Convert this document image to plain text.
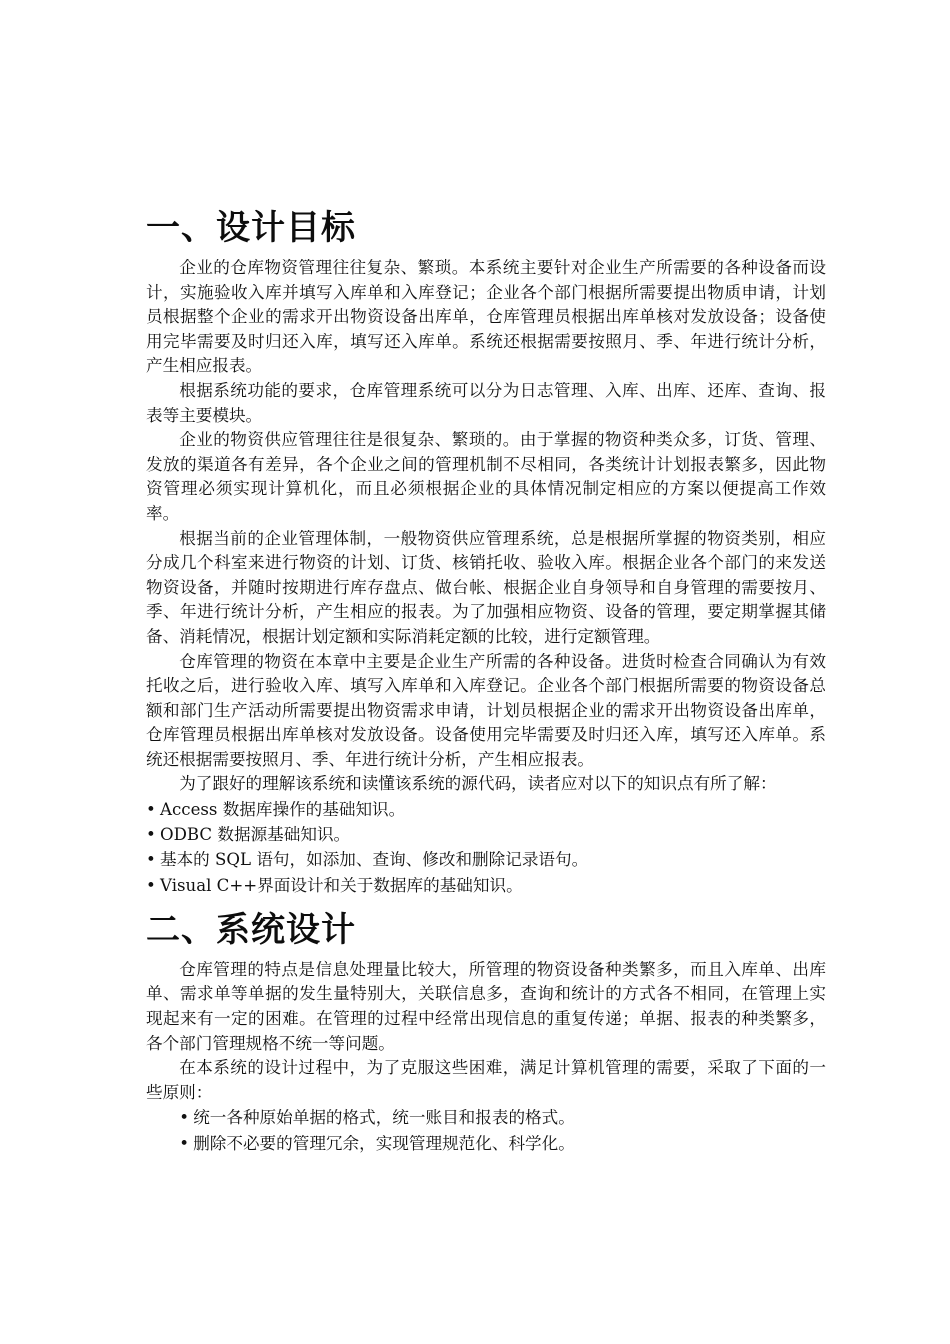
一、设计目标

企业的仓库物资管理往往复杂、繁琐。本系统主要针对企业生产所需要的各种设备而设计，实施验收入库并填写入库单和入库登记；企业各个部门根据所需要提出物质申请，计划员根据整个企业的需求开出物资设备出库单，仓库管理员根据出库单核对发放设备；设备使用完毕需要及时归还入库，填写还入库单。系统还根据需要按照月、季、年进行统计分析，产生相应报表。

根据系统功能的要求，仓库管理系统可以分为日志管理、入库、出库、还库、查询、报表等主要模块。

企业的物资供应管理往往是很复杂、繁琐的。由于掌握的物资种类众多，订货、管理、发放的渠道各有差异，各个企业之间的管理机制不尽相同，各类统计计划报表繁多，因此物资管理必须实现计算机化，而且必须根据企业的具体情况制定相应的方案以便提高工作效率。

根据当前的企业管理体制，一般物资供应管理系统，总是根据所掌握的物资类别，相应分成几个科室来进行物资的计划、订货、核销托收、验收入库。根据企业各个部门的来发送物资设备，并随时按期进行库存盘点、做台帐、根据企业自身领导和自身管理的需要按月、季、年进行统计分析，产生相应的报表。为了加强相应物资、设备的管理，要定期掌握其储备、消耗情况，根据计划定额和实际消耗定额的比较，进行定额管理。

仓库管理的物资在本章中主要是企业生产所需的各种设备。进货时检查合同确认为有效托收之后，进行验收入库、填写入库单和入库登记。企业各个部门根据所需要的物资设备总额和部门生产活动所需要提出物资需求申请，计划员根据企业的需求开出物资设备出库单，仓库管理员根据出库单核对发放设备。设备使用完毕需要及时归还入库，填写还入库单。系统还根据需要按照月、季、年进行统计分析，产生相应报表。

为了跟好的理解该系统和读懂该系统的源代码，读者应对以下的知识点有所了解：

• Access 数据库操作的基础知识。
• ODBC 数据源基础知识。
• 基本的 SQL 语句，如添加、查询、修改和删除记录语句。
• Visual C++界面设计和关于数据库的基础知识。
二、系统设计

仓库管理的特点是信息处理量比较大，所管理的物资设备种类繁多，而且入库单、出库单、需求单等单据的发生量特别大，关联信息多，查询和统计的方式各不相同，在管理上实现起来有一定的困难。在管理的过程中经常出现信息的重复传递；单据、报表的种类繁多，各个部门管理规格不统一等问题。

在本系统的设计过程中，为了克服这些困难，满足计算机管理的需要，采取了下面的一些原则：

• 统一各种原始单据的格式，统一账目和报表的格式。
• 删除不必要的管理冗余，实现管理规范化、科学化。
